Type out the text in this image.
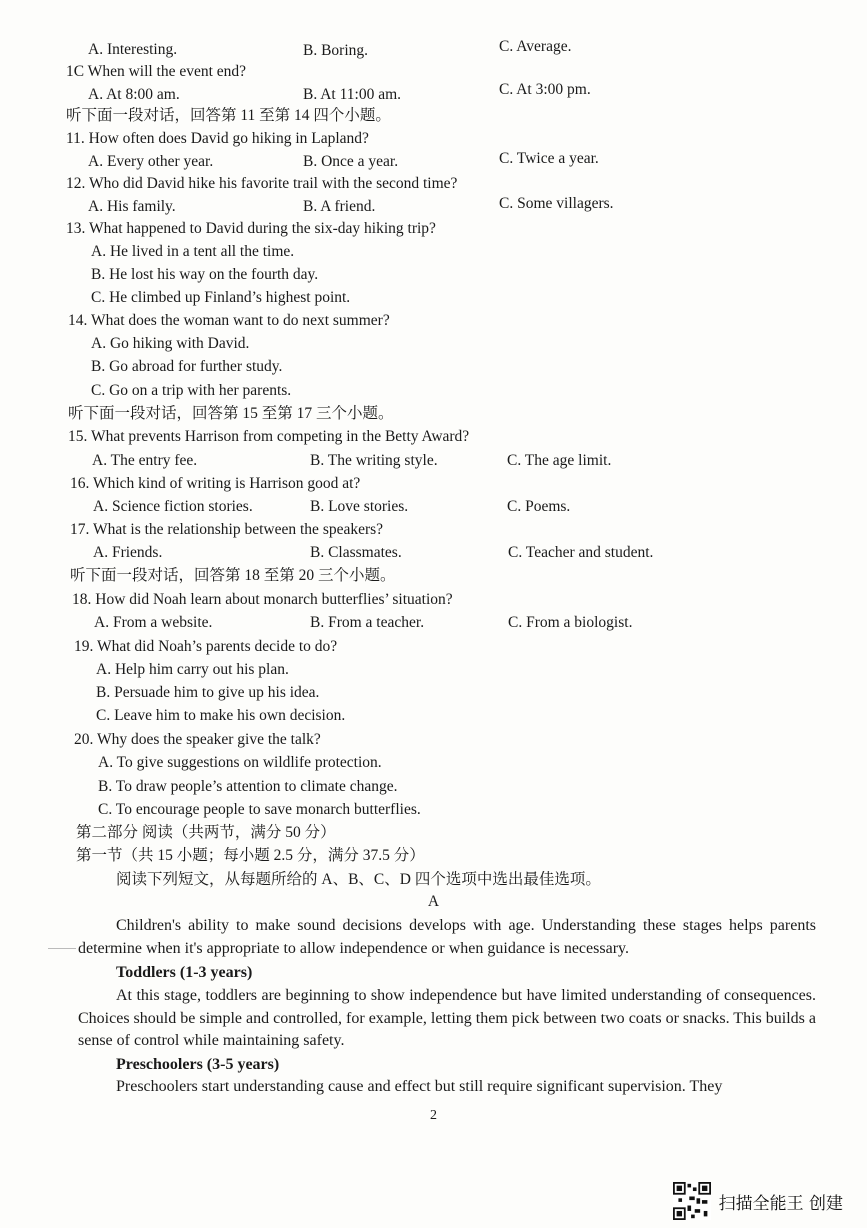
A. Interesting.	B. Boring.	C. Average.
1C When will the event end?
A. At 8:00 am.	B. At 11:00 am.	C. At 3:00 pm.
听下面一段对话，回答第 11 至第 14 四个小题。
11. How often does David go hiking in Lapland?
A. Every other year.	B. Once a year.	C. Twice a year.
12. Who did David hike his favorite trail with the second time?
A. His family.	B. A friend.	C. Some villagers.
13. What happened to David during the six-day hiking trip?
A. He lived in a tent all the time.
B. He lost his way on the fourth day.
C. He climbed up Finland’s highest point.
14. What does the woman want to do next summer?
A. Go hiking with David.
B. Go abroad for further study.
C. Go on a trip with her parents.
听下面一段对话，回答第 15 至第 17 三个小题。
15. What prevents Harrison from competing in the Betty Award?
A. The entry fee.	B. The writing style.	C. The age limit.
16. Which kind of writing is Harrison good at?
A. Science fiction stories.	B. Love stories.	C. Poems.
17. What is the relationship between the speakers?
A. Friends.	B. Classmates.	C. Teacher and student.
听下面一段对话，回答第 18 至第 20 三个小题。
18. How did Noah learn about monarch butterflies’ situation?
A. From a website.	B. From a teacher.	C. From a biologist.
19. What did Noah’s parents decide to do?
A. Help him carry out his plan.
B. Persuade him to give up his idea.
C. Leave him to make his own decision.
20. Why does the speaker give the talk?
A. To give suggestions on wildlife protection.
B. To draw people’s attention to climate change.
C. To encourage people to save monarch butterflies.
第二部分 阅读（共两节，满分 50 分）
第一节（共 15 小题；每小题 2.5 分，满分 37.5 分）
阅读下列短文，从每题所给的 A、B、C、D 四个选项中选出最佳选项。
A
Children's ability to make sound decisions develops with age. Understanding these stages helps parents determine when it's appropriate to allow independence or when guidance is necessary.
Toddlers (1-3 years)
At this stage, toddlers are beginning to show independence but have limited understanding of consequences. Choices should be simple and controlled, for example, letting them pick between two coats or snacks. This builds a sense of control while maintaining safety.
Preschoolers (3-5 years)
Preschoolers start understanding cause and effect but still require significant supervision. They
2
扫描全能王 创建
